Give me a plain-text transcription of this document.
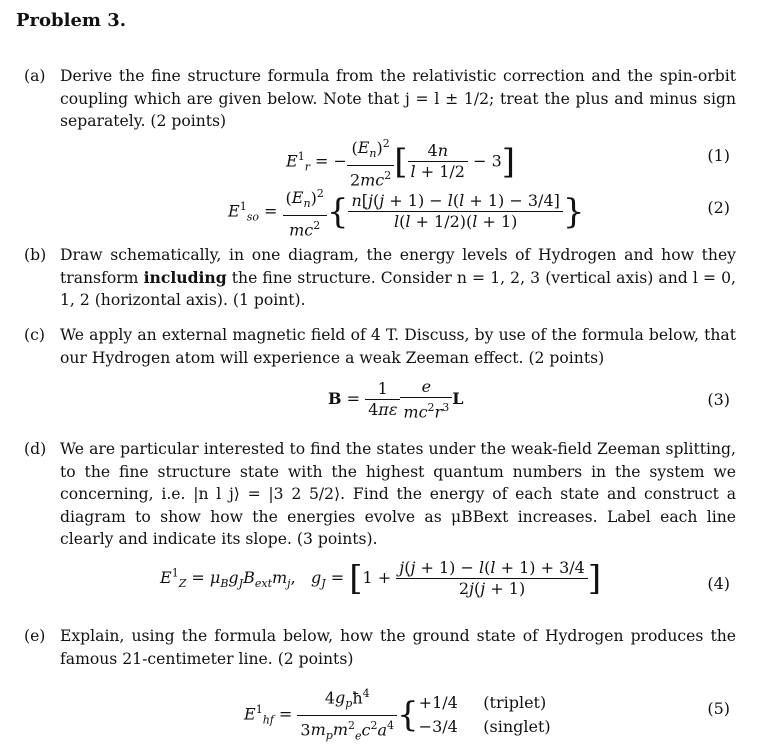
Problem 3.
(a) Derive the fine structure formula from the relativistic correction and the spin-orbit coupling which are given below. Note that j = l ± 1/2; treat the plus and minus sign separately. (2 points)
$E^1_r$ = − $\frac{(E_n)^2}{2mc^2}$ [ $\frac{4n}{l + 1/2} - 3$]	(1)
$E^1_{so} = \frac{(E_n)^2}{mc^2}$ { $\frac{n[j(j + 1) - l(l + 1) - 3/4]}{l(l + 1/2)(l + 1)}$ }	(2)
(b) Draw schematically, in one diagram, the energy levels of Hydrogen and how they transform including the fine structure. Consider n = 1, 2, 3 (vertical axis) and l = 0, 1, 2 (horizontal axis). (1 point).
(c) We apply an external magnetic field of 4 T. Discuss, by use of the formula below, that our Hydrogen atom will experience a weak Zeeman effect. (2 points)
$B = \frac{1}{4\pi\varepsilon} \frac{e}{mc^2r^3}$ L	(3)
(d) We are particular interested to find the states under the weak-field Zeeman splitting, to the fine structure state with the highest quantum numbers in the system we concerning, i.e. |n l j⟩ = |3 2 5/2⟩. Find the energy of each state and construct a diagram to show how the energies evolve as μBBext increases. Label each line clearly and indicate its slope. (3 points).
$E^1_Z = \mu_Bg_JB_{ext}m_j$,   $g_J = [1 + \frac{j(j + 1) - l(l + 1) + 3/4}{2j(j + 1)}$ ]	(4)
(e) Explain, using the formula below, how the ground state of Hydrogen produces the famous 21-centimeter line. (2 points)
$E^1_{hf} = \frac{4g_pħ^4}{3m_pm^2_ec^2a^4} \{+1/4$ (triplet)
−3/4 (singlet)
(5)
